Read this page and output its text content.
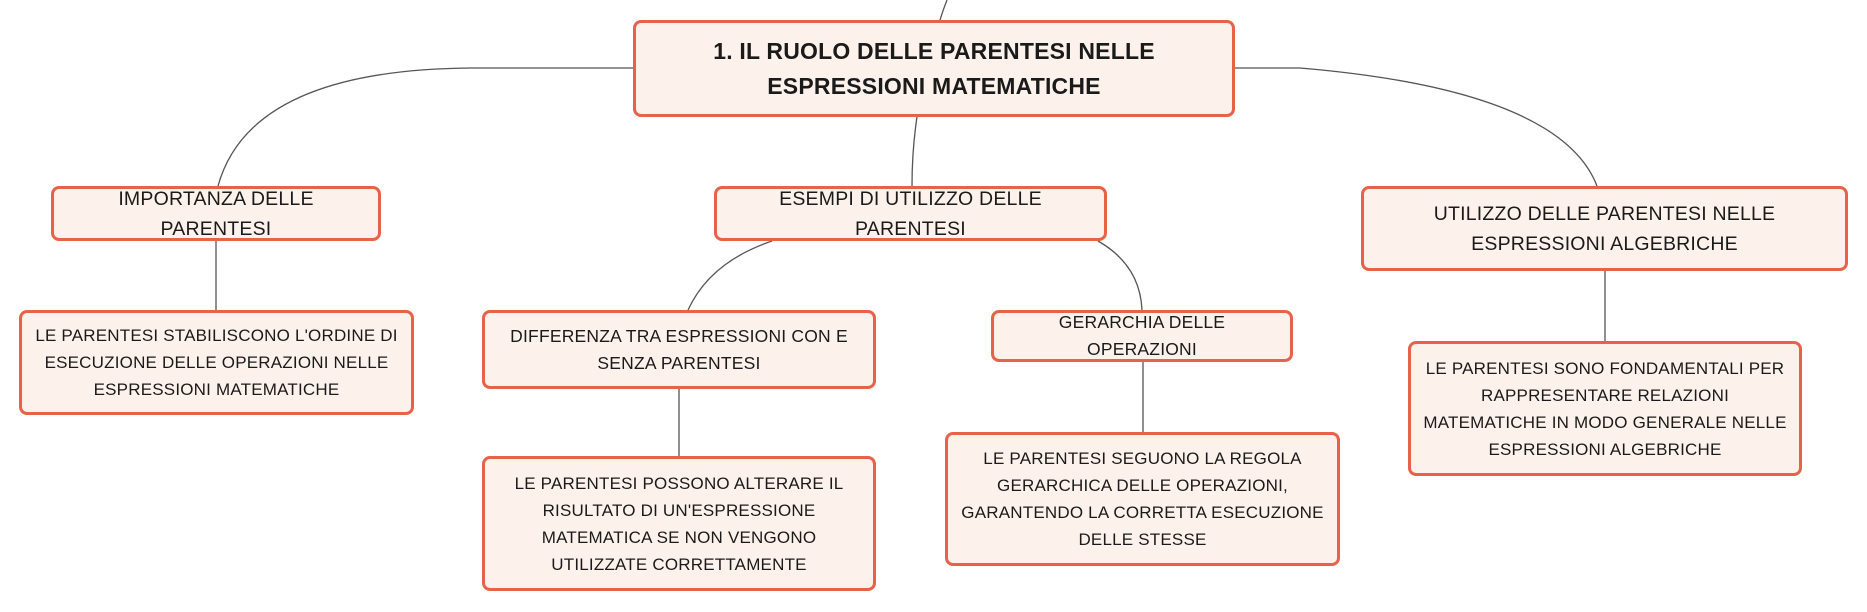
1. IL RUOLO DELLE PARENTESI NELLE ESPRESSIONI MATEMATICHE
IMPORTANZA DELLE PARENTESI
ESEMPI DI UTILIZZO DELLE PARENTESI
UTILIZZO DELLE PARENTESI NELLE ESPRESSIONI ALGEBRICHE
LE PARENTESI STABILISCONO L'ORDINE DI ESECUZIONE DELLE OPERAZIONI NELLE ESPRESSIONI MATEMATICHE
DIFFERENZA TRA ESPRESSIONI CON E SENZA PARENTESI
GERARCHIA DELLE OPERAZIONI
LE PARENTESI SONO FONDAMENTALI PER RAPPRESENTARE RELAZIONI MATEMATICHE IN MODO GENERALE NELLE ESPRESSIONI ALGEBRICHE
LE PARENTESI SEGUONO LA REGOLA GERARCHICA DELLE OPERAZIONI, GARANTENDO LA CORRETTA ESECUZIONE DELLE STESSE
LE PARENTESI POSSONO ALTERARE IL RISULTATO DI UN'ESPRESSIONE MATEMATICA SE NON VENGONO UTILIZZATE CORRETTAMENTE
